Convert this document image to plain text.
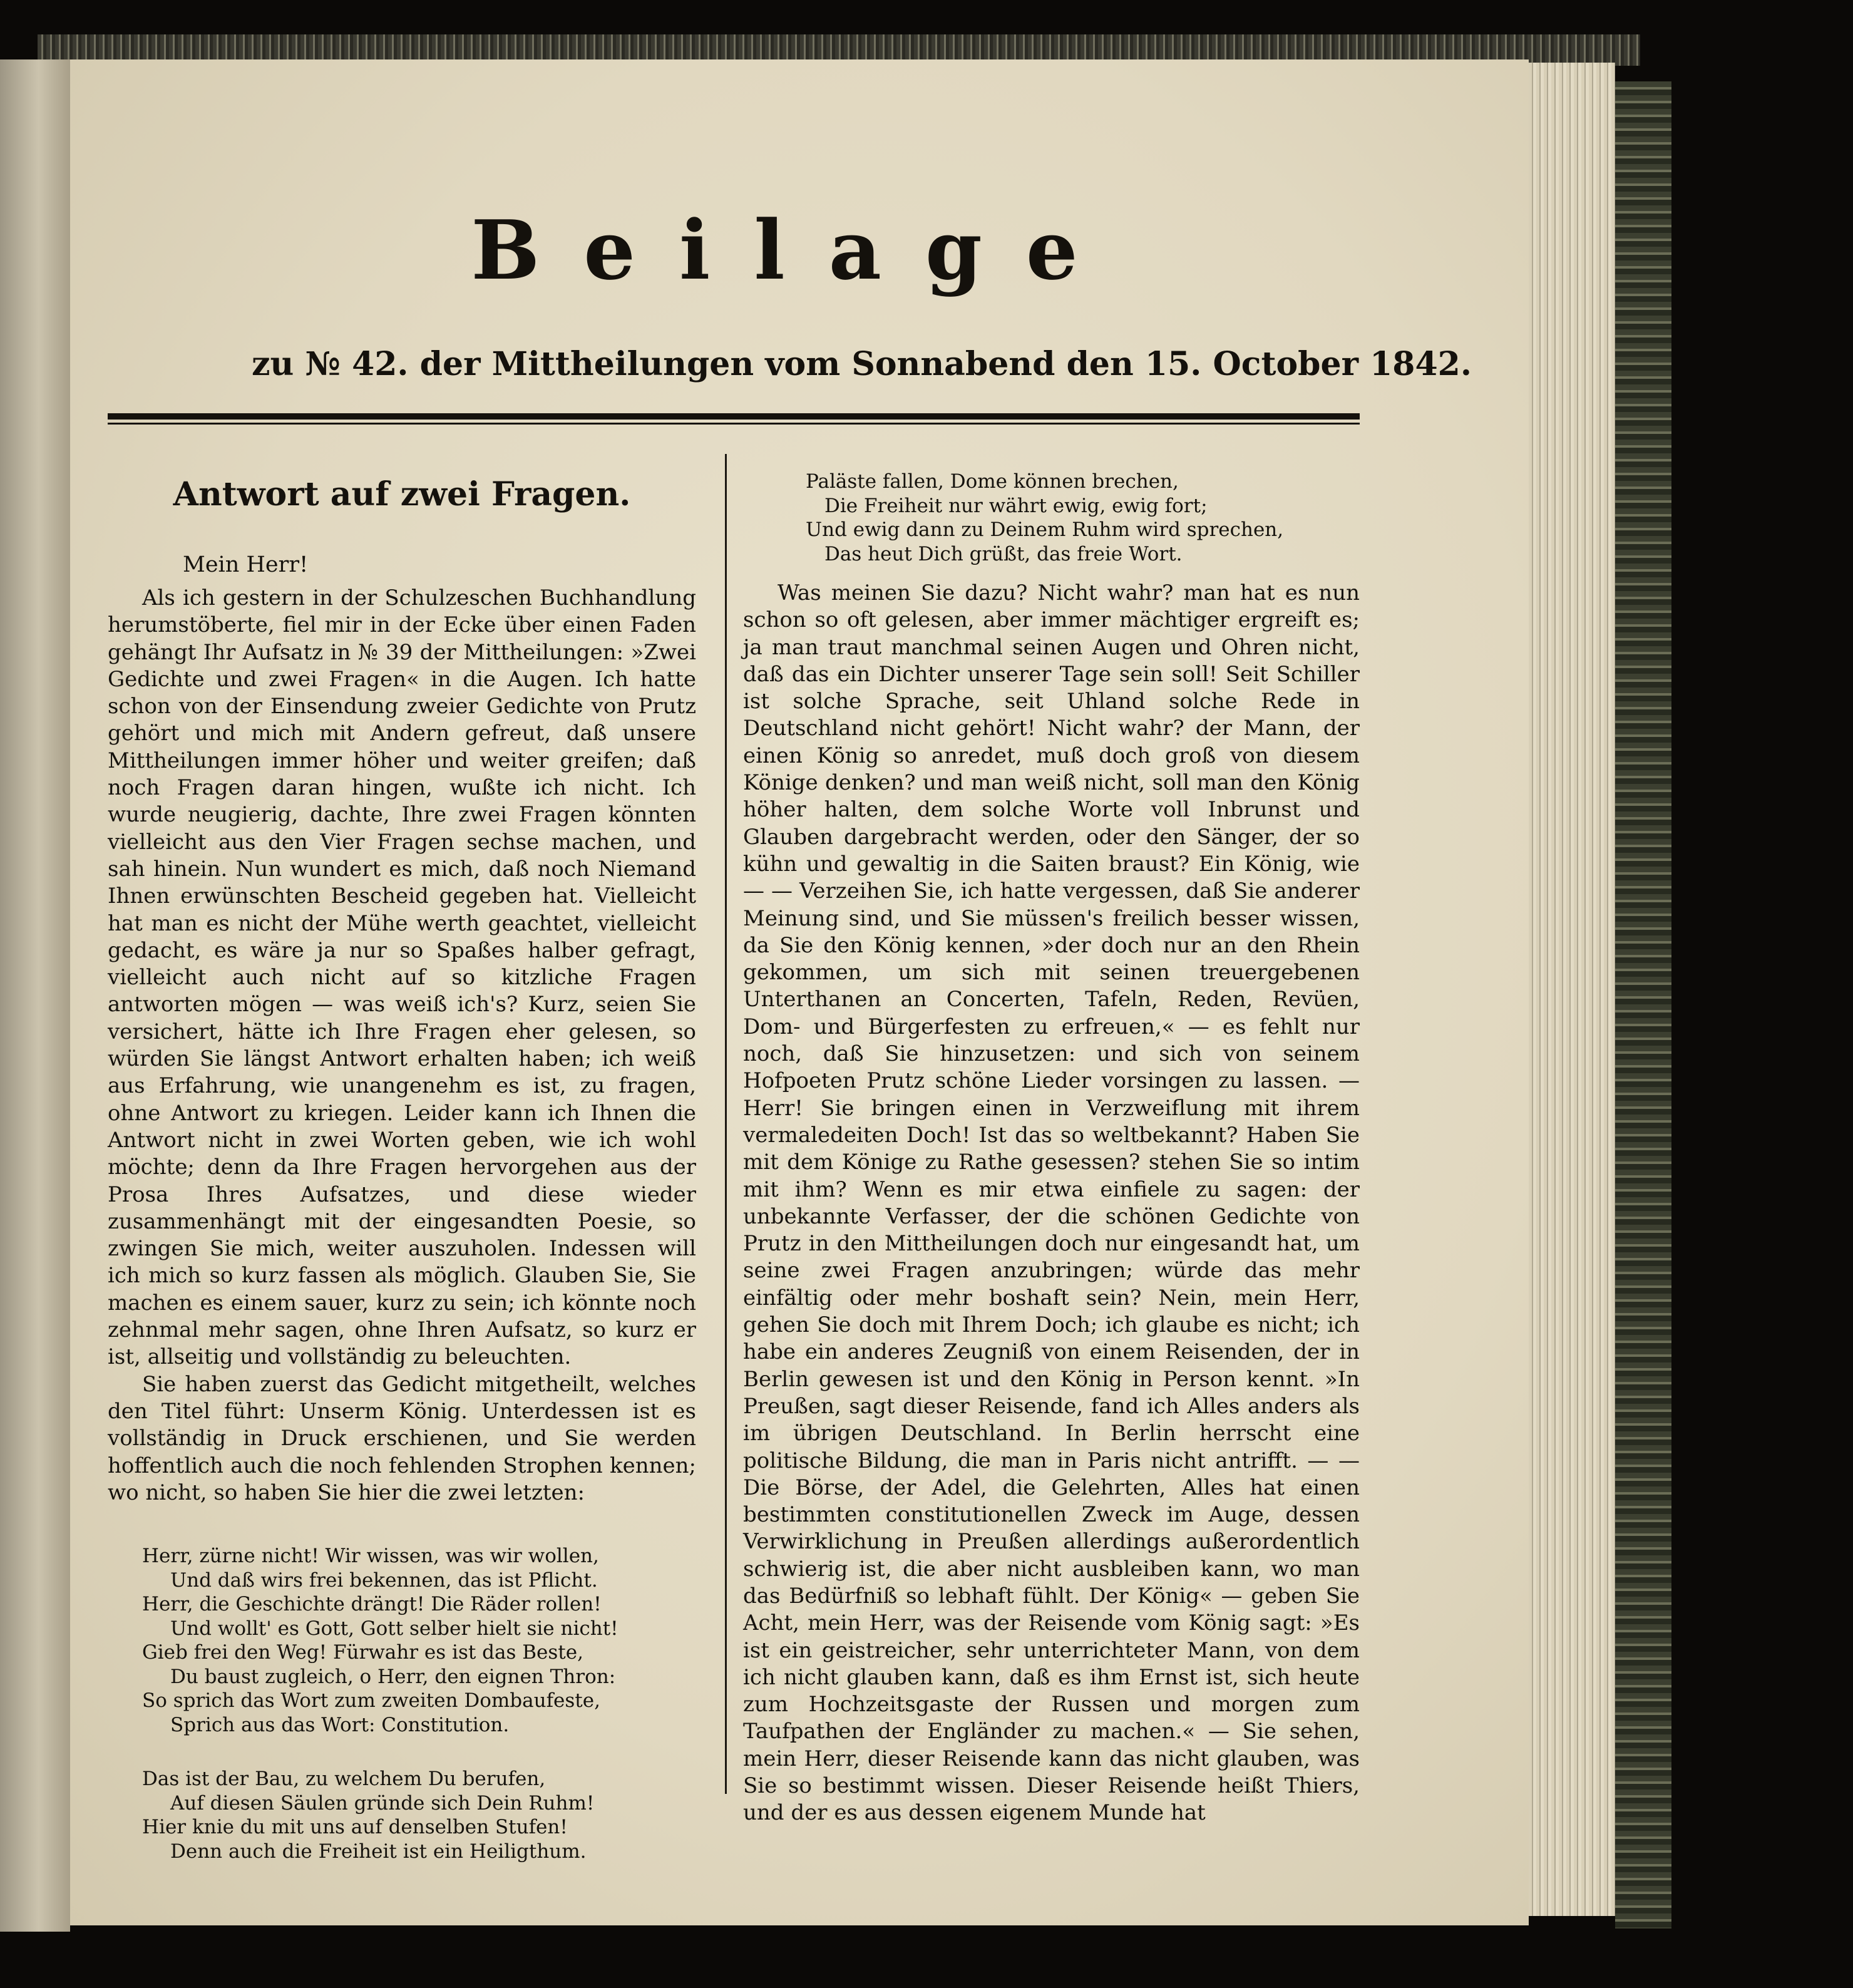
Beilage
zu № 42. der Mittheilungen vom Sonnabend den 15. October 1842.
Antwort auf zwei Fragen.
Mein Herr!

Als ich gestern in der Schulzeschen Buchhandlung herumstöberte, fiel mir in der Ecke über einen Faden gehängt Ihr Aufsatz in № 39 der Mittheilungen: »Zwei Gedichte und zwei Fragen« in die Augen. Ich hatte schon von der Einsendung zweier Gedichte von Prutz gehört und mich mit Andern gefreut, daß unsere Mittheilungen immer höher und weiter greifen; daß noch Fragen daran hingen, wußte ich nicht. Ich wurde neugierig, dachte, Ihre zwei Fragen könnten vielleicht aus den Vier Fragen sechse machen, und sah hinein. Nun wundert es mich, daß noch Niemand Ihnen erwünschten Bescheid gegeben hat. Vielleicht hat man es nicht der Mühe werth geachtet, vielleicht gedacht, es wäre ja nur so Spaßes halber gefragt, vielleicht auch nicht auf so kitzliche Fragen antworten mögen — was weiß ich's? Kurz, seien Sie versichert, hätte ich Ihre Fragen eher gelesen, so würden Sie längst Antwort erhalten haben; ich weiß aus Erfahrung, wie unangenehm es ist, zu fragen, ohne Antwort zu kriegen. Leider kann ich Ihnen die Antwort nicht in zwei Worten geben, wie ich wohl möchte; denn da Ihre Fragen hervorgehen aus der Prosa Ihres Aufsatzes, und diese wieder zusammenhängt mit der eingesandten Poesie, so zwingen Sie mich, weiter auszuholen. Indessen will ich mich so kurz fassen als möglich. Glauben Sie, Sie machen es einem sauer, kurz zu sein; ich könnte noch zehnmal mehr sagen, ohne Ihren Aufsatz, so kurz er ist, allseitig und vollständig zu beleuchten.

Sie haben zuerst das Gedicht mitgetheilt, welches den Titel führt: Unserm König. Unterdessen ist es vollständig in Druck erschienen, und Sie werden hoffentlich auch die noch fehlenden Strophen kennen; wo nicht, so haben Sie hier die zwei letzten:

Herr, zürne nicht! Wir wissen, was wir wollen,
Und daß wirs frei bekennen, das ist Pflicht.
Herr, die Geschichte drängt! Die Räder rollen!
Und wollt' es Gott, Gott selber hielt sie nicht!
Gieb frei den Weg! Fürwahr es ist das Beste,
Du baust zugleich, o Herr, den eignen Thron:
So sprich das Wort zum zweiten Dombaufeste,
Sprich aus das Wort: Constitution.
Das ist der Bau, zu welchem Du berufen,
Auf diesen Säulen gründe sich Dein Ruhm!
Hier knie du mit uns auf denselben Stufen!
Denn auch die Freiheit ist ein Heiligthum.
Paläste fallen, Dome können brechen,
Die Freiheit nur währt ewig, ewig fort;
Und ewig dann zu Deinem Ruhm wird sprechen,
Das heut Dich grüßt, das freie Wort.

Was meinen Sie dazu? Nicht wahr? man hat es nun schon so oft gelesen, aber immer mächtiger ergreift es; ja man traut manchmal seinen Augen und Ohren nicht, daß das ein Dichter unserer Tage sein soll! Seit Schiller ist solche Sprache, seit Uhland solche Rede in Deutschland nicht gehört! Nicht wahr? der Mann, der einen König so anredet, muß doch groß von diesem Könige denken? und man weiß nicht, soll man den König höher halten, dem solche Worte voll Inbrunst und Glauben dargebracht werden, oder den Sänger, der so kühn und gewaltig in die Saiten braust? Ein König, wie — — Verzeihen Sie, ich hatte vergessen, daß Sie anderer Meinung sind, und Sie müssen's freilich besser wissen, da Sie den König kennen, »der doch nur an den Rhein gekommen, um sich mit seinen treuergebenen Unterthanen an Concerten, Tafeln, Reden, Revüen, Dom- und Bürgerfesten zu erfreuen,« — es fehlt nur noch, daß Sie hinzusetzen: und sich von seinem Hofpoeten Prutz schöne Lieder vorsingen zu lassen. — Herr! Sie bringen einen in Verzweiflung mit ihrem vermaledeiten Doch! Ist das so weltbekannt? Haben Sie mit dem Könige zu Rathe gesessen? stehen Sie so intim mit ihm? Wenn es mir etwa einfiele zu sagen: der unbekannte Verfasser, der die schönen Gedichte von Prutz in den Mittheilungen doch nur eingesandt hat, um seine zwei Fragen anzubringen; würde das mehr einfältig oder mehr boshaft sein? Nein, mein Herr, gehen Sie doch mit Ihrem Doch; ich glaube es nicht; ich habe ein anderes Zeugniß von einem Reisenden, der in Berlin gewesen ist und den König in Person kennt. »In Preußen, sagt dieser Reisende, fand ich Alles anders als im übrigen Deutschland. In Berlin herrscht eine politische Bildung, die man in Paris nicht antrifft. — — Die Börse, der Adel, die Gelehrten, Alles hat einen bestimmten constitutionellen Zweck im Auge, dessen Verwirklichung in Preußen allerdings außerordentlich schwierig ist, die aber nicht ausbleiben kann, wo man das Bedürfniß so lebhaft fühlt. Der König« — geben Sie Acht, mein Herr, was der Reisende vom König sagt: »Es ist ein geistreicher, sehr unterrichteter Mann, von dem ich nicht glauben kann, daß es ihm Ernst ist, sich heute zum Hochzeitsgaste der Russen und morgen zum Taufpathen der Engländer zu machen.« — Sie sehen, mein Herr, dieser Reisende kann das nicht glauben, was Sie so bestimmt wissen. Dieser Reisende heißt Thiers, und der es aus dessen eigenem Munde hat
